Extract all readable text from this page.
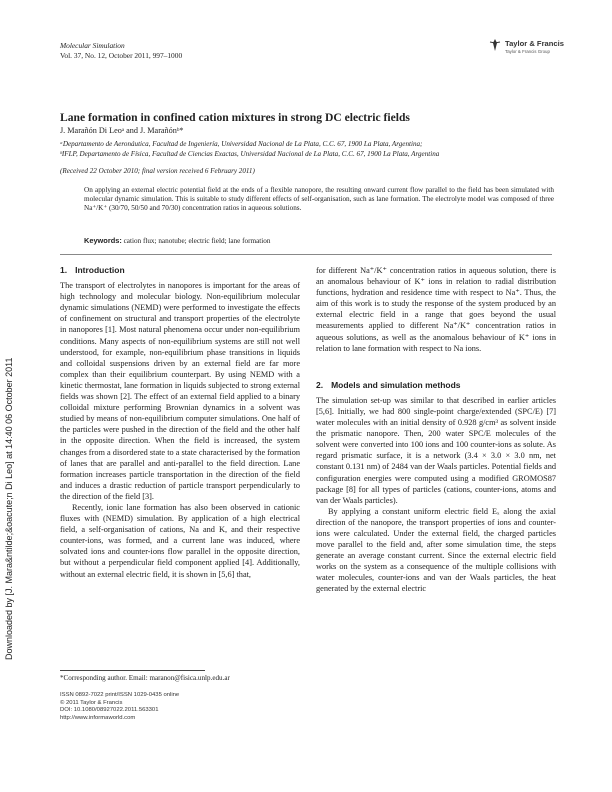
Molecular Simulation
Vol. 37, No. 12, October 2011, 997–1000
Taylor & Francis
Taylor & Francis Group
Lane formation in confined cation mixtures in strong DC electric fields
J. Marañón Di Leoᵃ and J. Marañónᵇ*

ᵃDepartamento de Aeronáutica, Facultad de Ingeniería, Universidad Nacional de La Plata, C.C. 67, 1900 La Plata, Argentina;

ᵇIFLP, Departamento de Física, Facultad de Ciencias Exactas, Universidad Nacional de La Plata, C.C. 67, 1900 La Plata, Argentina

(Received 22 October 2010; final version received 6 February 2011)
On applying an external electric potential field at the ends of a flexible nanopore, the resulting onward current flow parallel to the field has been simulated with molecular dynamic simulation. This is suitable to study different effects of self-organisation, such as lane formation. The electrolyte model was composed of three Na⁺/K⁺ (30/70, 50/50 and 70/30) concentration ratios in aqueous solutions.
Keywords: cation flux; nanotube; electric field; lane formation
Downloaded by [J. Mara&ntilde;&oacute;n Di Leo] at 14:40 06 October 2011
1. Introduction

The transport of electrolytes in nanopores is important for the areas of high technology and molecular biology. Non-equilibrium molecular dynamic simulations (NEMD) were performed to investigate the effects of confinement on structural and transport properties of the electrolyte in nanopores [1]. Most natural phenomena occur under non-equilibrium conditions. Many aspects of non-equilibrium systems are still not well understood, for example, non-equilibrium phase transitions in liquids and colloidal suspensions driven by an external field are far more complex than their equilibrium counterpart. By using NEMD with a kinetic thermostat, lane formation in liquids subjected to strong external fields was shown [2]. The effect of an external field applied to a binary colloidal mixture performing Brownian dynamics in a solvent was studied by means of non-equilibrium computer simulations. One half of the particles were pushed in the direction of the field and the other half in the opposite direction. When the field is increased, the system changes from a disordered state to a state characterised by the formation of lanes that are parallel and anti-parallel to the field direction. Lane formation increases particle transportation in the direction of the field and induces a drastic reduction of particle transport perpendicularly to the direction of the field [3].

Recently, ionic lane formation has also been observed in cationic fluxes with (NEMD) simulation. By application of a high electrical field, a self-organisation of cations, Na and K, and their respective counter-ions, was formed, and a current lane was induced, where solvated ions and counter-ions flow parallel in the opposite direction, but without a perpendicular field component applied [4]. Additionally, without an external electric field, it is shown in [5,6] that,

for different Na⁺/K⁺ concentration ratios in aqueous solution, there is an anomalous behaviour of K⁺ ions in relation to radial distribution functions, hydration and residence time with respect to Na⁺. Thus, the aim of this work is to study the response of the system produced by an external electric field in a range that goes beyond the usual measurements applied to different Na⁺/K⁺ concentration ratios in aqueous solutions, as well as the anomalous behaviour of K⁺ ions in relation to lane formation with respect to Na ions.

2. Models and simulation methods

The simulation set-up was similar to that described in earlier articles [5,6]. Initially, we had 800 single-point charge/extended (SPC/E) [7] water molecules with an initial density of 0.928 g/cm³ as solvent inside the prismatic nanopore. Then, 200 water SPC/E molecules of the solvent were converted into 100 ions and 100 counter-ions as solute. As regard prismatic surface, it is a network (3.4 × 3.0 × 3.0 nm, net constant 0.131 nm) of 2484 van der Waals particles. Potential fields and configuration energies were computed using a modified GROMOS87 package [8] for all types of particles (cations, counter-ions, atoms and van der Waals particles).

By applying a constant uniform electric field Eₓ along the axial direction of the nanopore, the transport properties of ions and counter-ions were calculated. Under the external field, the charged particles move parallel to the field and, after some simulation time, the steps generate an average constant current. Since the external electric field works on the system as a consequence of the multiple collisions with water molecules, counter-ions and van der Waals particles, the heat generated by the external electric

*Corresponding author. Email: maranon@fisica.unlp.edu.ar
ISSN 0892-7022 print/ISSN 1029-0435 online
© 2011 Taylor & Francis
DOI: 10.1080/08927022.2011.563301
http://www.informaworld.com
